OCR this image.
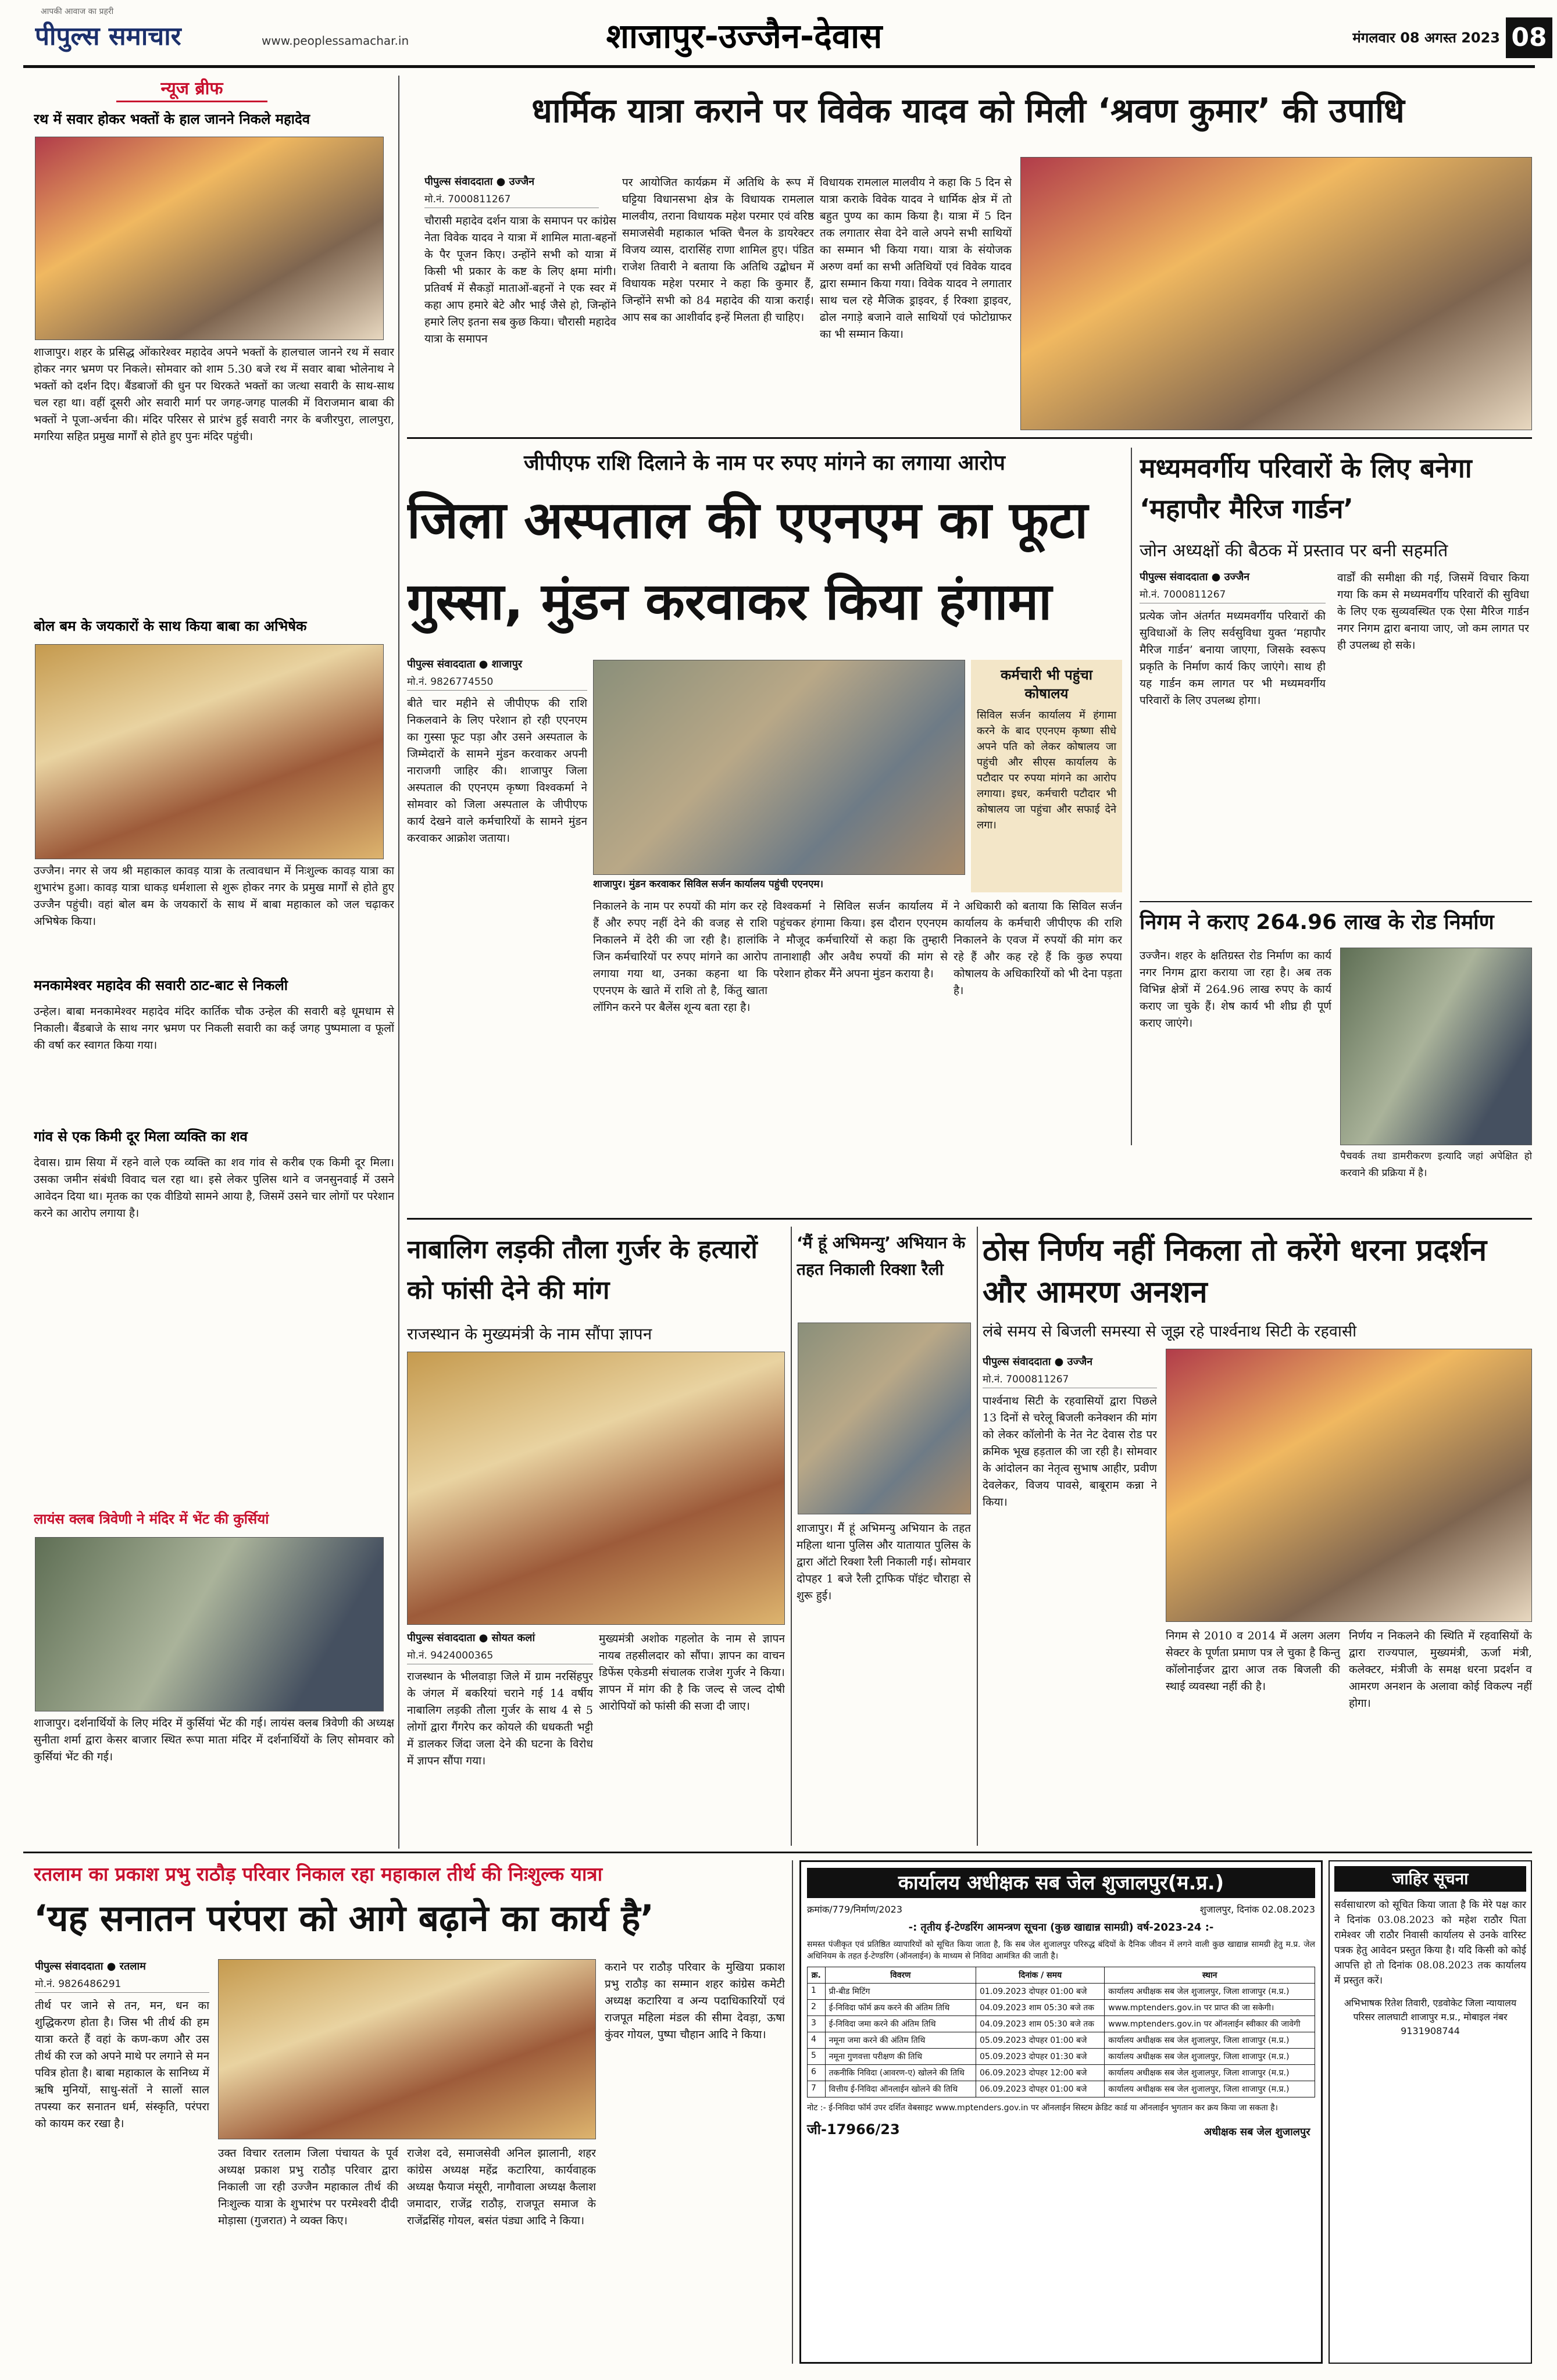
पीपुल्स समाचार
आपकी आवाज का प्रहरी
www.peoplessamachar.in	शाजापुर-उज्जैन-देवास	मंगलवार 08 अगस्त 2023 08
न्यूज ब्रीफ
रथ में सवार होकर भक्तों के हाल जानने निकले महादेव
शाजापुर। शहर के प्रसिद्ध ओंकारेश्वर महादेव अपने भक्तों के हालचाल जानने रथ में सवार होकर नगर भ्रमण पर निकले। सोमवार को शाम 5.30 बजे रथ में सवार बाबा भोलेनाथ ने भक्तों को दर्शन दिए। बैंडबाजों की धुन पर थिरकते भक्तों का जत्था सवारी के साथ-साथ चल रहा था। वहीं दूसरी ओर सवारी मार्ग पर जगह-जगह पालकी में विराजमान बाबा की भक्तों ने पूजा-अर्चना की। मंदिर परिसर से प्रारंभ हुई सवारी नगर के बजीरपुरा, लालपुरा, मगरिया सहित प्रमुख मार्गों से होते हुए पुनः मंदिर पहुंची।
बोल बम के जयकारों के साथ किया बाबा का अभिषेक
उज्जैन। नगर से जय श्री महाकाल कावड़ यात्रा के तत्वावधान में निःशुल्क कावड़ यात्रा का शुभारंभ हुआ। कावड़ यात्रा धाकड़ धर्मशाला से शुरू होकर नगर के प्रमुख मार्गों से होते हुए उज्जैन पहुंची। वहां बोल बम के जयकारों के साथ में बाबा महाकाल को जल चढ़ाकर अभिषेक किया।
मनकामेश्वर महादेव की सवारी ठाट-बाट से निकली
उन्हेल। बाबा मनकामेश्वर महादेव मंदिर कार्तिक चौक उन्हेल की सवारी बड़े धूमधाम से निकाली। बैंडबाजे के साथ नगर भ्रमण पर निकली सवारी का कई जगह पुष्पमाला व फूलों की वर्षा कर स्वागत किया गया।
गांव से एक किमी दूर मिला व्यक्ति का शव
देवास। ग्राम सिया में रहने वाले एक व्यक्ति का शव गांव से करीब एक किमी दूर मिला। उसका जमीन संबंधी विवाद चल रहा था। इसे लेकर पुलिस थाने व जनसुनवाई में उसने आवेदन दिया था। मृतक का एक वीडियो सामने आया है, जिसमें उसने चार लोगों पर परेशान करने का आरोप लगाया है।
लायंस क्लब त्रिवेणी ने मंदिर में भेंट की कुर्सियां
शाजापुर। दर्शनार्थियों के लिए मंदिर में कुर्सियां भेंट की गई। लायंस क्लब त्रिवेणी की अध्यक्ष सुनीता शर्मा द्वारा केसर बाजार स्थित रूपा माता मंदिर में दर्शनार्थियों के लिए सोमवार को कुर्सियां भेंट की गई।
धार्मिक यात्रा कराने पर विवेक यादव को मिली ‘श्रवण कुमार’ की उपाधि
पीपुल्स संवाददाता ● उज्जैन
मो.नं. 7000811267
चौरासी महादेव दर्शन यात्रा के समापन पर कांग्रेस नेता विवेक यादव ने यात्रा में शामिल माता-बहनों के पैर पूजन किए। उन्होंने सभी को यात्रा में किसी भी प्रकार के कष्ट के लिए क्षमा मांगी। प्रतिवर्ष में सैकड़ों माताओं-बहनों ने एक स्वर में कहा आप हमारे बेटे और भाई जैसे हो, जिन्होंने हमारे लिए इतना सब कुछ किया। चौरासी महादेव यात्रा के समापन
पर आयोजित कार्यक्रम में अतिथि के रूप में घट्टिया विधानसभा क्षेत्र के विधायक रामलाल मालवीय, तराना विधायक महेश परमार एवं वरिष्ठ समाजसेवी महाकाल भक्ति चैनल के डायरेक्टर विजय व्यास, दारासिंह राणा शामिल हुए। पंडित राजेश तिवारी ने बताया कि अतिथि उद्बोधन में विधायक महेश परमार ने कहा कि कुमार हैं, जिन्होंने सभी को 84 महादेव की यात्रा कराई। आप सब का आशीर्वाद इन्हें मिलता ही चाहिए।
विधायक रामलाल मालवीय ने कहा कि 5 दिन से यात्रा कराके विवेक यादव ने धार्मिक क्षेत्र में तो बहुत पुण्य का काम किया है। यात्रा में 5 दिन तक लगातार सेवा देने वाले अपने सभी साथियों का सम्मान भी किया गया। यात्रा के संयोजक अरुण वर्मा का सभी अतिथियों एवं विवेक यादव द्वारा सम्मान किया गया। विवेक यादव ने लगातार साथ चल रहे मैजिक ड्राइवर, ई रिक्शा ड्राइवर, ढोल नगाड़े बजाने वाले साथियों एवं फोटोग्राफर का भी सम्मान किया।
जीपीएफ राशि दिलाने के नाम पर रुपए मांगने का लगाया आरोप
जिला अस्पताल की एएनएम का फूटा गुस्सा, मुंडन करवाकर किया हंगामा
पीपुल्स संवाददाता ● शाजापुर
मो.नं. 9826774550
शाजापुर। मुंडन करवाकर सिविल सर्जन कार्यालय पहुंची एएनएम।
कर्मचारी भी पहुंचा कोषालय
सिविल सर्जन कार्यालय में हंगामा करने के बाद एएनएम कृष्णा सीधे अपने पति को लेकर कोषालय जा पहुंची और सीएस कार्यालय के पटौदार पर रुपया मांगने का आरोप लगाया। इधर, कर्मचारी पटौदार भी कोषालय जा पहुंचा और सफाई देने लगा।
बीते चार महीने से जीपीएफ की राशि निकलवाने के लिए परेशान हो रही एएनएम का गुस्सा फूट पड़ा और उसने अस्पताल के जिम्मेदारों के सामने मुंडन करवाकर अपनी नाराजगी जाहिर की। शाजापुर जिला अस्पताल की एएनएम कृष्णा विश्वकर्मा ने सोमवार को जिला अस्पताल के जीपीएफ कार्य देखने वाले कर्मचारियों के सामने मुंडन करवाकर आक्रोश जताया।
निकालने के नाम पर रुपयों की मांग कर रहे हैं और रुपए नहीं देने की वजह से राशि निकालने में देरी की जा रही है। हालांकि जिन कर्मचारियों पर रुपए मांगने का आरोप लगाया गया था, उनका कहना था कि एएनएम के खाते में राशि तो है, किंतु खाता लॉगिन करने पर बैलेंस शून्य बता रहा है।
विश्वकर्मा ने सिविल सर्जन कार्यालय में पहुंचकर हंगामा किया। इस दौरान एएनएम ने मौजूद कर्मचारियों से कहा कि तुम्हारी तानाशाही और अवैध रुपयों की मांग से परेशान होकर मैंने अपना मुंडन कराया है।
ने अधिकारी को बताया कि सिविल सर्जन कार्यालय के कर्मचारी जीपीएफ की राशि निकालने के एवज में रुपयों की मांग कर रहे हैं और कह रहे हैं कि कुछ रुपया कोषालय के अधिकारियों को भी देना पड़ता है।
मध्यमवर्गीय परिवारों के लिए बनेगा ‘महापौर मैरिज गार्डन’
जोन अध्यक्षों की बैठक में प्रस्ताव पर बनी सहमति
पीपुल्स संवाददाता ● उज्जैन
मो.नं. 7000811267
प्रत्येक जोन अंतर्गत मध्यमवर्गीय परिवारों की सुविधाओं के लिए सर्वसुविधा युक्त ‘महापौर मैरिज गार्डन’ बनाया जाएगा, जिसके स्वरूप प्रकृति के निर्माण कार्य किए जाएंगे। साथ ही यह गार्डन कम लागत पर भी मध्यमवर्गीय परिवारों के लिए उपलब्ध होगा।
वार्डों की समीक्षा की गई, जिसमें विचार किया गया कि कम से मध्यमवर्गीय परिवारों की सुविधा के लिए एक सुव्यवस्थित एक ऐसा मैरिज गार्डन नगर निगम द्वारा बनाया जाए, जो कम लागत पर ही उपलब्ध हो सके।
निगम ने कराए 264.96 लाख के रोड निर्माण
उज्जैन। शहर के क्षतिग्रस्त रोड निर्माण का कार्य नगर निगम द्वारा कराया जा रहा है। अब तक विभिन्न क्षेत्रों में 264.96 लाख रुपए के कार्य कराए जा चुके हैं। शेष कार्य भी शीघ्र ही पूर्ण कराए जाएंगे।
पैचवर्क तथा डामरीकरण इत्यादि जहां अपेक्षित हो करवाने की प्रक्रिया में है।
नाबालिग लड़की तौला गुर्जर के हत्यारों को फांसी देने की मांग
राजस्थान के मुख्यमंत्री के नाम सौंपा ज्ञापन
पीपुल्स संवाददाता ● सोयत कलां
मो.नं. 9424000365
राजस्थान के भीलवाड़ा जिले में ग्राम नरसिंहपुर के जंगल में बकरियां चराने गई 14 वर्षीय नाबालिग लड़की तौला गुर्जर के साथ 4 से 5 लोगों द्वारा गैंगरेप कर कोयले की धधकती भट्टी में डालकर जिंदा जला देने की घटना के विरोध में ज्ञापन सौंपा गया।
मुख्यमंत्री अशोक गहलोत के नाम से ज्ञापन नायब तहसीलदार को सौंपा। ज्ञापन का वाचन डिफेंस एकेडमी संचालक राजेश गुर्जर ने किया। ज्ञापन में मांग की है कि जल्द से जल्द दोषी आरोपियों को फांसी की सजा दी जाए।
‘मैं हूं अभिमन्यु’ अभियान के तहत निकाली रिक्शा रैली
शाजापुर। मैं हूं अभिमन्यु अभियान के तहत महिला थाना पुलिस और यातायात पुलिस के द्वारा ऑटो रिक्शा रैली निकाली गई। सोमवार दोपहर 1 बजे रैली ट्राफिक पॉइंट चौराहा से शुरू हुई।
ठोस निर्णय नहीं निकला तो करेंगे धरना प्रदर्शन और आमरण अनशन
लंबे समय से बिजली समस्या से जूझ रहे पार्श्वनाथ सिटी के रहवासी
पीपुल्स संवाददाता ● उज्जैन
मो.नं. 7000811267
पार्श्वनाथ सिटी के रहवासियों द्वारा पिछले 13 दिनों से चरेलू बिजली कनेक्शन की मांग को लेकर कॉलोनी के नेत नेट देवास रोड पर क्रमिक भूख हड़ताल की जा रही है। सोमवार के आंदोलन का नेतृत्व सुभाष आहीर, प्रवीण देवलेकर, विजय पावसे, बाबूराम कन्ना ने किया।
निगम से 2010 व 2014 में अलग अलग सेक्टर के पूर्णता प्रमाण पत्र ले चुका है किन्तु कॉलोनाईजर द्वारा आज तक बिजली की स्थाई व्यवस्था नहीं की है।
निर्णय न निकलने की स्थिति में रहवासियों के द्वारा राज्यपाल, मुख्यमंत्री, ऊर्जा मंत्री, कलेक्टर, मंत्रीजी के समक्ष धरना प्रदर्शन व आमरण अनशन के अलावा कोई विकल्प नहीं होगा।
रतलाम का प्रकाश प्रभु राठौड़ परिवार निकाल रहा महाकाल तीर्थ की निःशुल्क यात्रा
‘यह सनातन परंपरा को आगे बढ़ाने का कार्य है’
पीपुल्स संवाददाता ● रतलाम
मो.नं. 9826486291
तीर्थ पर जाने से तन, मन, धन का शुद्धिकरण होता है। जिस भी तीर्थ की हम यात्रा करते हैं वहां के कण-कण और उस तीर्थ की रज को अपने माथे पर लगाने से मन पवित्र होता है। बाबा महाकाल के सानिध्य में ऋषि मुनियों, साधु-संतों ने सालों साल तपस्या कर सनातन धर्म, संस्कृति, परंपरा को कायम कर रखा है।
उक्त विचार रतलाम जिला पंचायत के पूर्व अध्यक्ष प्रकाश प्रभु राठौड़ परिवार द्वारा निकाली जा रही उज्जैन महाकाल तीर्थ की निःशुल्क यात्रा के शुभारंभ पर परमेश्वरी दीदी मोड़ासा (गुजरात) ने व्यक्त किए।
राजेश दवे, समाजसेवी अनिल झालानी, शहर कांग्रेस अध्यक्ष महेंद्र कटारिया, कार्यवाहक अध्यक्ष फैयाज मंसूरी, नागौवाला अध्यक्ष कैलाश जमादार, राजेंद्र राठौड़, राजपूत समाज के राजेंद्रसिंह गोयल, बसंत पंड्या आदि ने किया।
कराने पर राठौड़ परिवार के मुखिया प्रकाश प्रभु राठौड़ का सम्मान शहर कांग्रेस कमेटी अध्यक्ष कटारिया व अन्य पदाधिकारियों एवं राजपूत महिला मंडल की सीमा देवड़ा, ऊषा कुंवर गोयल, पुष्पा चौहान आदि ने किया।
कार्यालय अधीक्षक सब जेल शुजालपुर(म.प्र.)
क्रमांक/779/निर्माण/2023	शुजालपुर, दिनांक 02.08.2023
-: तृतीय ई-टेण्डरिंग आमन्त्रण सूचना (कुछ खाद्यान्न सामग्री) वर्ष-2023-24 :-
समस्त पंजीकृत एवं प्रतिष्ठित व्यापारियों को सूचित किया जाता है, कि सब जेल शुजालपुर परिरुद्ध बंदियों के दैनिक जीवन में लगने वाली कुछ खाद्यान्न सामग्री हेतु म.प्र. जेल अधिनियम के तहत ई-टेण्डरिंग (ऑनलाईन) के माध्यम से निविदा आमंत्रित की जाती है।
क्र.	विवरण	दिनांक / समय	स्थान
1	प्री-बीड मिटिंग	01.09.2023 दोपहर 01:00 बजे	कार्यालय अधीक्षक सब जेल शुजालपुर, जिला शाजापुर (म.प्र.)
2	ई-निविदा फॉर्म क्रय करने की अंतिम तिथि	04.09.2023 शाम 05:30 बजे तक	www.mptenders.gov.in पर प्राप्त की जा सकेगी।
3	ई-निविदा जमा करने की अंतिम तिथि	04.09.2023 शाम 05:30 बजे तक	www.mptenders.gov.in पर ऑनलाईन स्वीकार की जावेगी
4	नमूना जमा करने की अंतिम तिथि	05.09.2023 दोपहर 01:00 बजे	कार्यालय अधीक्षक सब जेल शुजालपुर, जिला शाजापुर (म.प्र.)
5	नमूना गुणवत्ता परीक्षण की तिथि	05.09.2023 दोपहर 01:30 बजे	कार्यालय अधीक्षक सब जेल शुजालपुर, जिला शाजापुर (म.प्र.)
6	तकनीकि निविदा (आवरण-ए) खोलने की तिथि	06.09.2023 दोपहर 12:00 बजे	कार्यालय अधीक्षक सब जेल शुजालपुर, जिला शाजापुर (म.प्र.)
7	वित्तीय ई-निविदा ऑनलाईन खोलने की तिथि	06.09.2023 दोपहर 01:00 बजे	कार्यालय अधीक्षक सब जेल शुजालपुर, जिला शाजापुर (म.प्र.)
नोट :- ई-निविदा फॉर्म उपर दर्शित वेबसाइट www.mptenders.gov.in पर ऑनलाईन सिस्टम क्रेडिट कार्ड या ऑनलाईन भुगतान कर क्रय किया जा सकता है।
जी-17966/23	अधीक्षक सब जेल शुजालपुर
जाहिर सूचना
सर्वसाधारण को सूचित किया जाता है कि मेरे पक्ष कार ने दिनांक 03.08.2023 को महेश राठौर पिता रामेश्वर जी राठौर निवासी कार्यालय से उनके वारिस्ट पत्रक हेतु आवेदन प्रस्तुत किया है। यदि किसी को कोई आपत्ति हो तो दिनांक 08.08.2023 तक कार्यालय में प्रस्तुत करें।
अभिभाषक रितेश तिवारी, एडवोकेट जिला न्यायालय परिसर लालघाटी शाजापुर म.प्र., मोबाइल नंबर 9131908744
